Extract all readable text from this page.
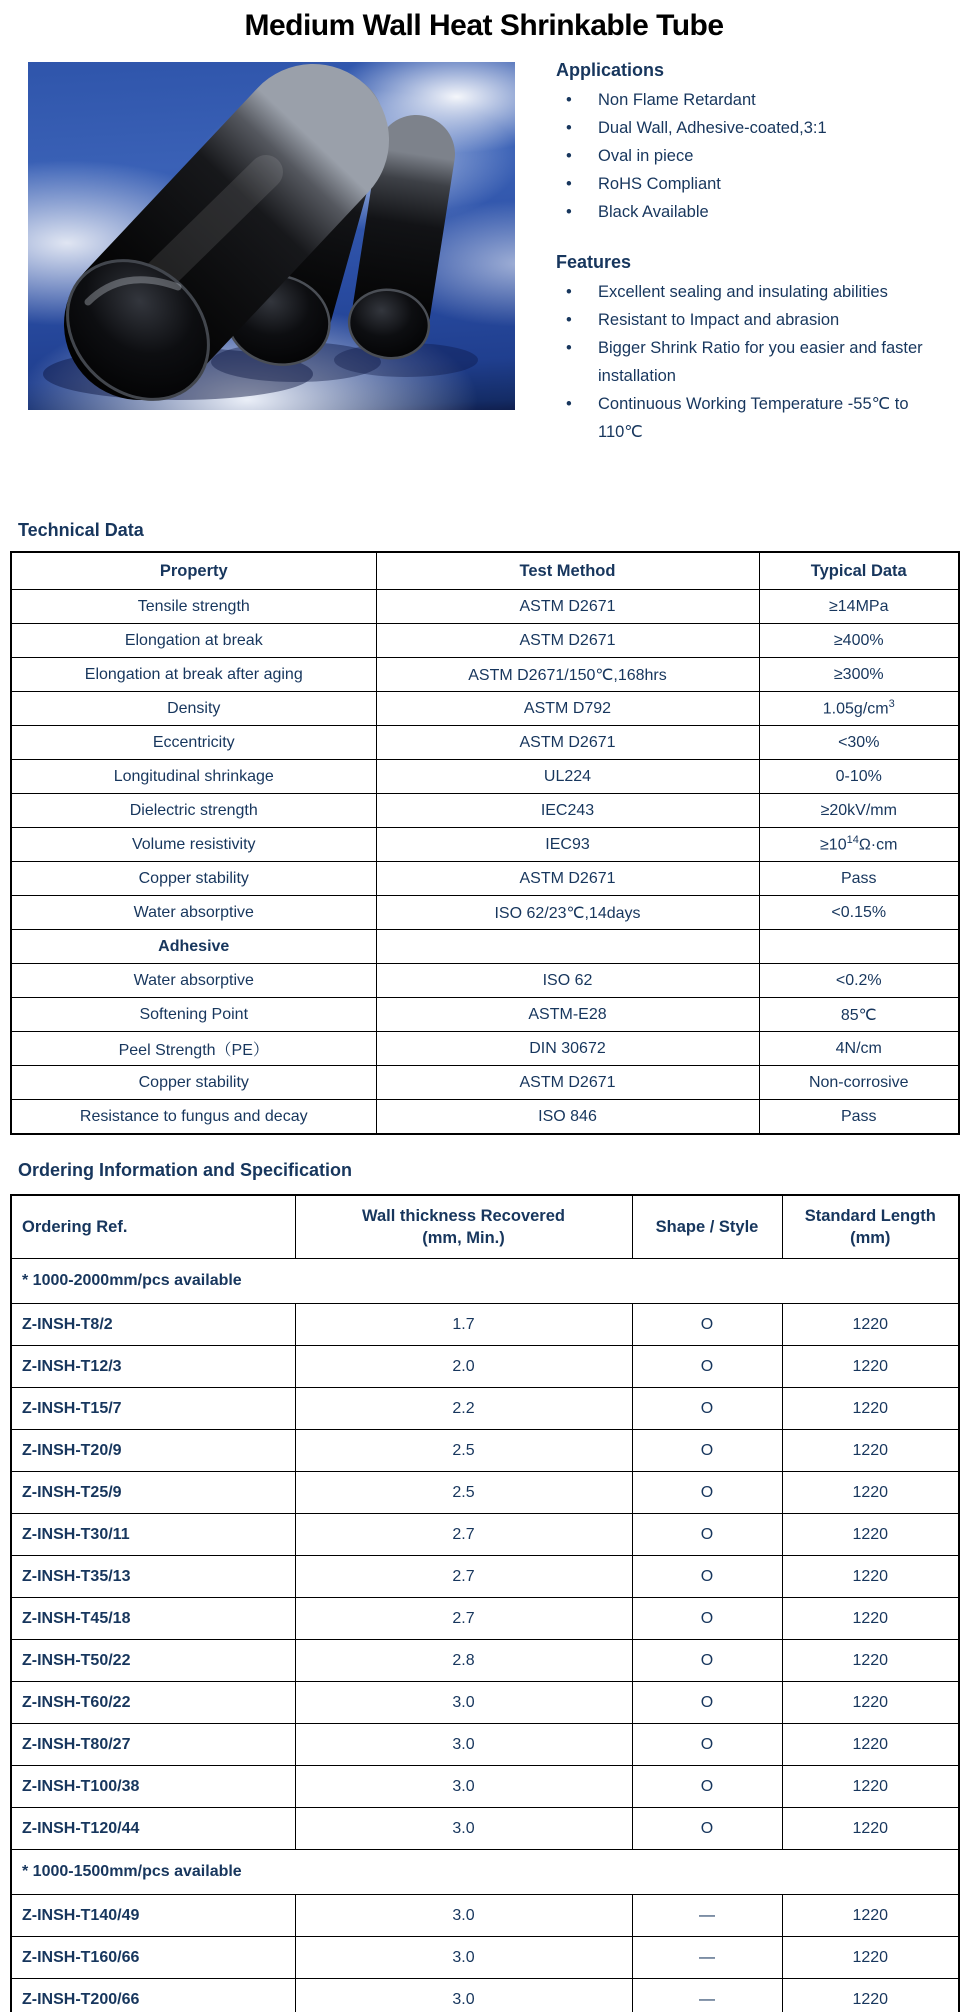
Medium Wall Heat Shrinkable Tube
Applications
• Non Flame Retardant
• Dual Wall, Adhesive-coated,3:1
• Oval in piece
• RoHS Compliant
• Black Available
Features
• Excellent sealing and insulating abilities
• Resistant to Impact and abrasion
• Bigger Shrink Ratio for you easier and faster installation
• Continuous Working Temperature -55℃ to 110℃
Technical Data
Property	Test Method	Typical Data
Tensile strength	ASTM D2671	≥14MPa
Elongation at break	ASTM D2671	≥400%
Elongation at break after aging	ASTM D2671/150℃,168hrs	≥300%
Density	ASTM D792	$1.05g/cm^3$
Eccentricity	ASTM D2671	<30%
Longitudinal shrinkage	UL224	0-10%
Dielectric strength	IEC243	≥20kV/mm
Volume resistivity	IEC93	$\ge 10^{14}\Omega\cdot cm$
Copper stability	ASTM D2671	Pass
Water absorptive	ISO 62/23℃,14days	<0.15%
Adhesive		
Water absorptive	ISO 62	<0.2%
Softening Point	ASTM-E28	85℃
Peel Strength（PE）	DIN 30672	4N/cm
Copper stability	ASTM D2671	Non-corrosive
Resistance to fungus and decay	ISO 846	Pass
Ordering Information and Specification
Ordering Ref.	Wall thickness Recovered
(mm, Min.)	Shape / Style	Standard Length
(mm)
* 1000-2000mm/pcs available			
Z-INSH-T8/2	1.7	O	1220
Z-INSH-T12/3	2.0	O	1220
Z-INSH-T15/7	2.2	O	1220
Z-INSH-T20/9	2.5	O	1220
Z-INSH-T25/9	2.5	O	1220
Z-INSH-T30/11	2.7	O	1220
Z-INSH-T35/13	2.7	O	1220
Z-INSH-T45/18	2.7	O	1220
Z-INSH-T50/22	2.8	O	1220
Z-INSH-T60/22	3.0	O	1220
Z-INSH-T80/27	3.0	O	1220
Z-INSH-T100/38	3.0	O	1220
Z-INSH-T120/44	3.0	O	1220
* 1000-1500mm/pcs available			
Z-INSH-T140/49	3.0	—	1220
Z-INSH-T160/66	3.0	—	1220
Z-INSH-T200/66	3.0	—	1220
